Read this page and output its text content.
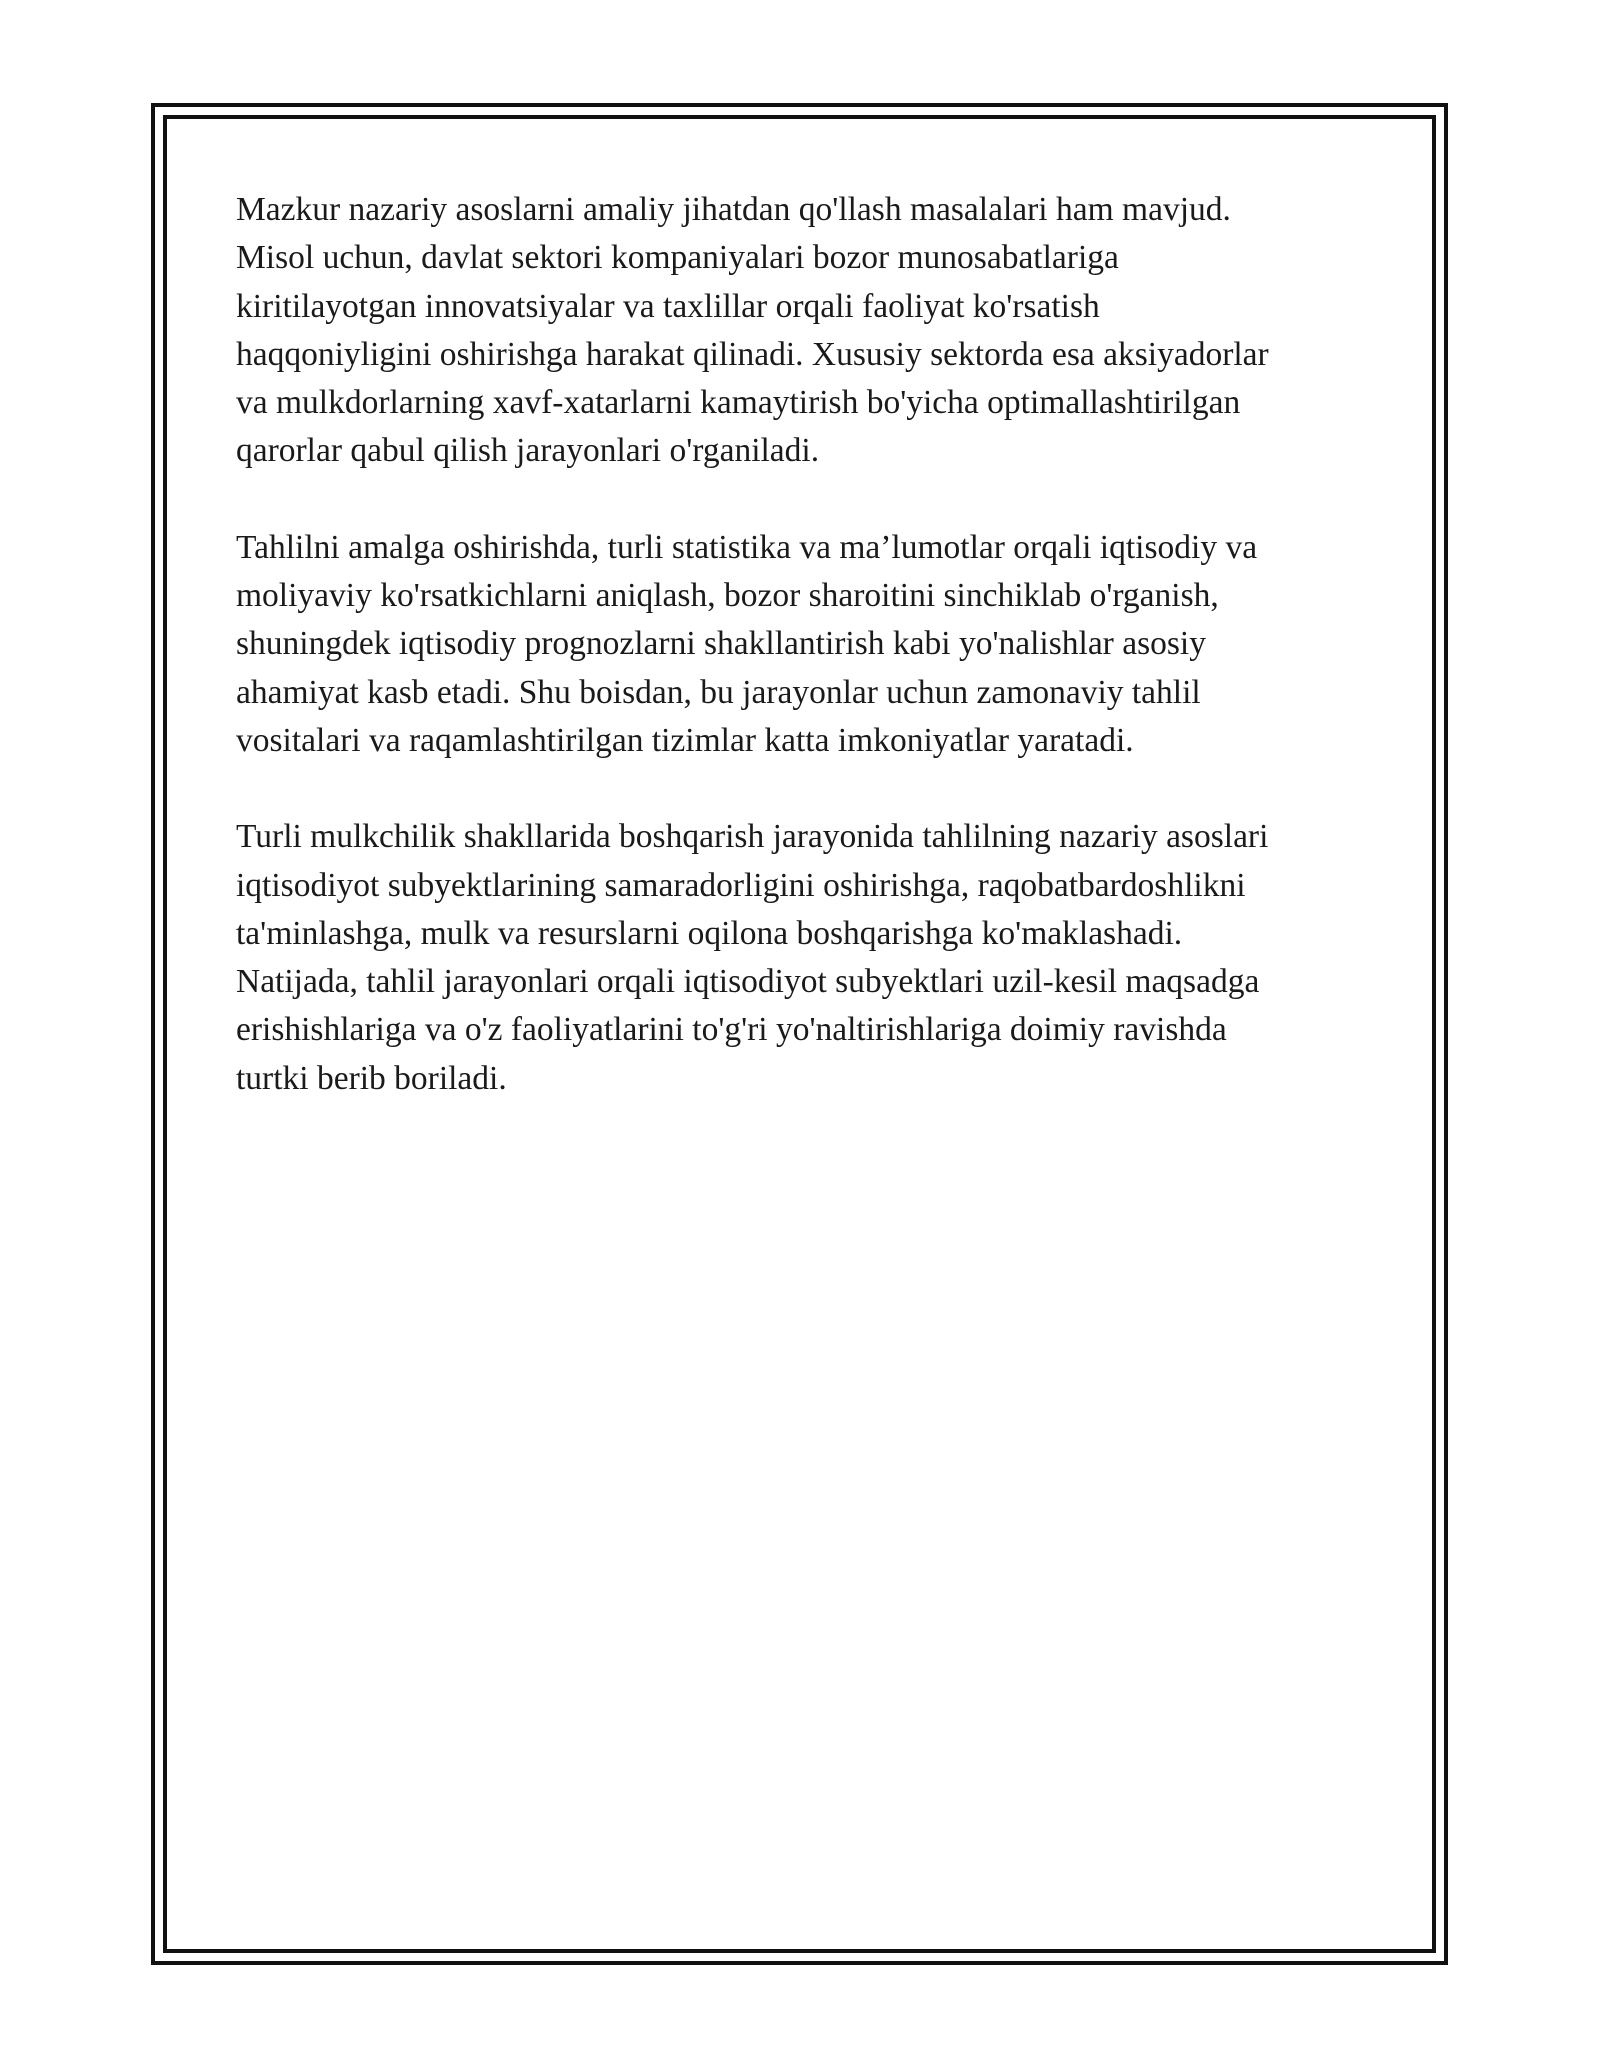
Mazkur nazariy asoslarni amaliy jihatdan qo'llash masalalari ham mavjud.
Misol uchun, davlat sektori kompaniyalari bozor munosabatlariga
kiritilayotgan innovatsiyalar va taxlillar orqali faoliyat ko'rsatish
haqqoniyligini oshirishga harakat qilinadi. Xususiy sektorda esa aksiyadorlar
va mulkdorlarning xavf-xatarlarni kamaytirish bo'yicha optimallashtirilgan
qarorlar qabul qilish jarayonlari o'rganiladi.

Tahlilni amalga oshirishda, turli statistika va ma’lumotlar orqali iqtisodiy va
moliyaviy ko'rsatkichlarni aniqlash, bozor sharoitini sinchiklab o'rganish,
shuningdek iqtisodiy prognozlarni shakllantirish kabi yo'nalishlar asosiy
ahamiyat kasb etadi. Shu boisdan, bu jarayonlar uchun zamonaviy tahlil
vositalari va raqamlashtirilgan tizimlar katta imkoniyatlar yaratadi.

Turli mulkchilik shakllarida boshqarish jarayonida tahlilning nazariy asoslari
iqtisodiyot subyektlarining samaradorligini oshirishga, raqobatbardoshlikni
ta'minlashga, mulk va resurslarni oqilona boshqarishga ko'maklashadi.
Natijada, tahlil jarayonlari orqali iqtisodiyot subyektlari uzil-kesil maqsadga
erishishlariga va o'z faoliyatlarini to'g'ri yo'naltirishlariga doimiy ravishda
turtki berib boriladi.
